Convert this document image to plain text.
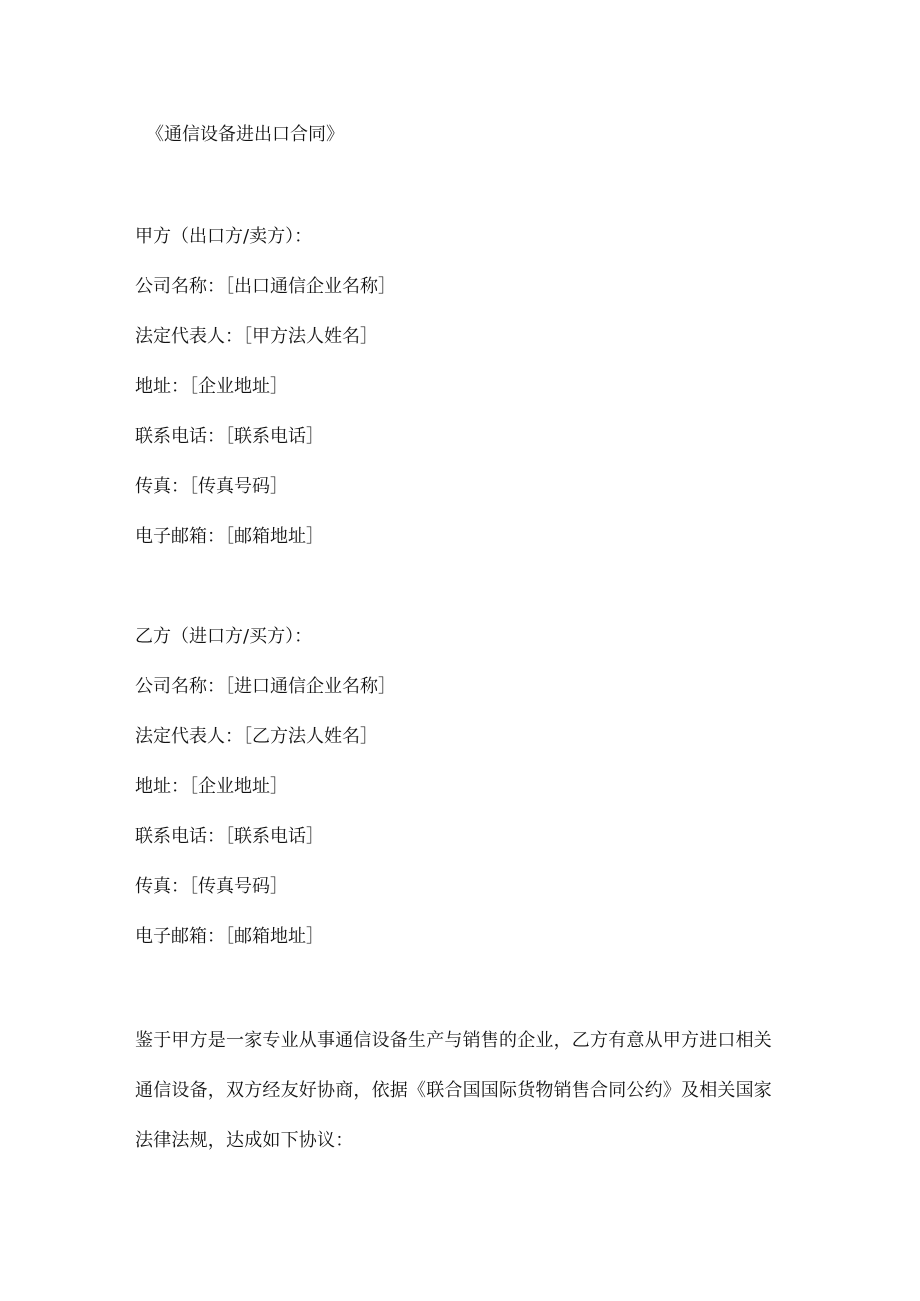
《通信设备进出口合同》
甲方（出口方/卖方）：
公司名称：［出口通信企业名称］
法定代表人：［甲方法人姓名］
地址：［企业地址］
联系电话：［联系电话］
传真：［传真号码］
电子邮箱：［邮箱地址］
乙方（进口方/买方）：
公司名称：［进口通信企业名称］
法定代表人：［乙方法人姓名］
地址：［企业地址］
联系电话：［联系电话］
传真：［传真号码］
电子邮箱：［邮箱地址］
鉴于甲方是一家专业从事通信设备生产与销售的企业，乙方有意从甲方进口相关
通信设备，双方经友好协商，依据《联合国国际货物销售合同公约》及相关国家
法律法规，达成如下协议：
